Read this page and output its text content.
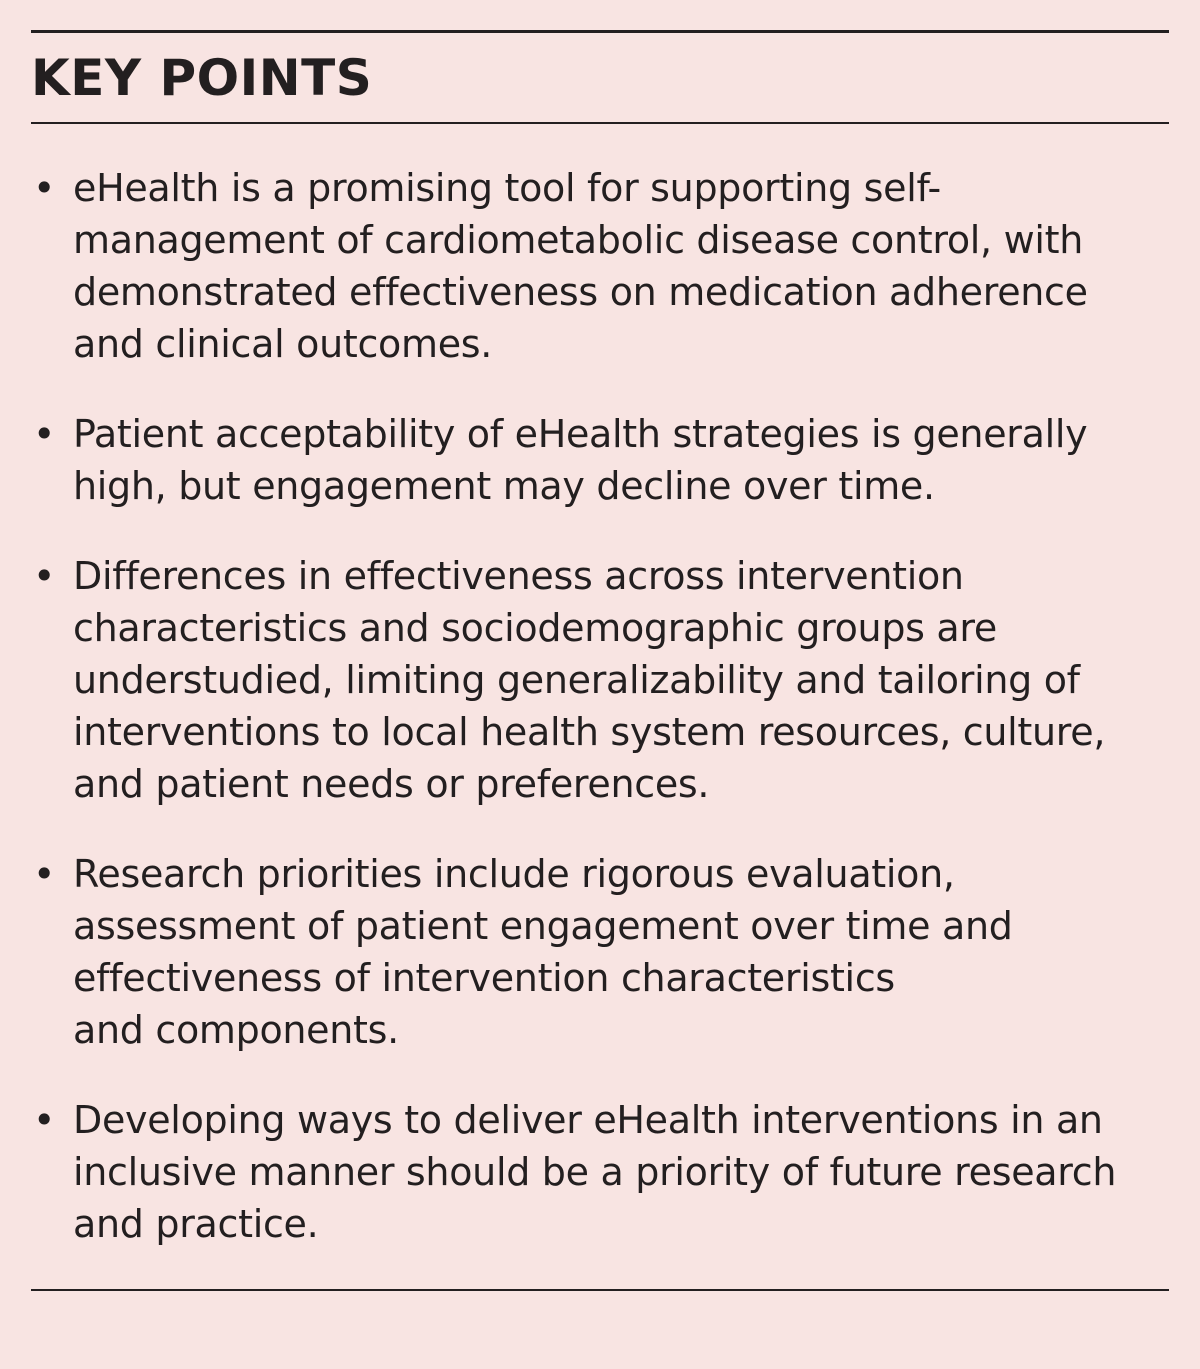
KEY POINTS
• eHealth is a promising tool for supporting self-
management of cardiometabolic disease control, with
demonstrated effectiveness on medication adherence
and clinical outcomes.
• Patient acceptability of eHealth strategies is generally
high, but engagement may decline over time.
• Differences in effectiveness across intervention
characteristics and sociodemographic groups are
understudied, limiting generalizability and tailoring of
interventions to local health system resources, culture,
and patient needs or preferences.
• Research priorities include rigorous evaluation,
assessment of patient engagement over time and
effectiveness of intervention characteristics
and components.
• Developing ways to deliver eHealth interventions in an
inclusive manner should be a priority of future research
and practice.
